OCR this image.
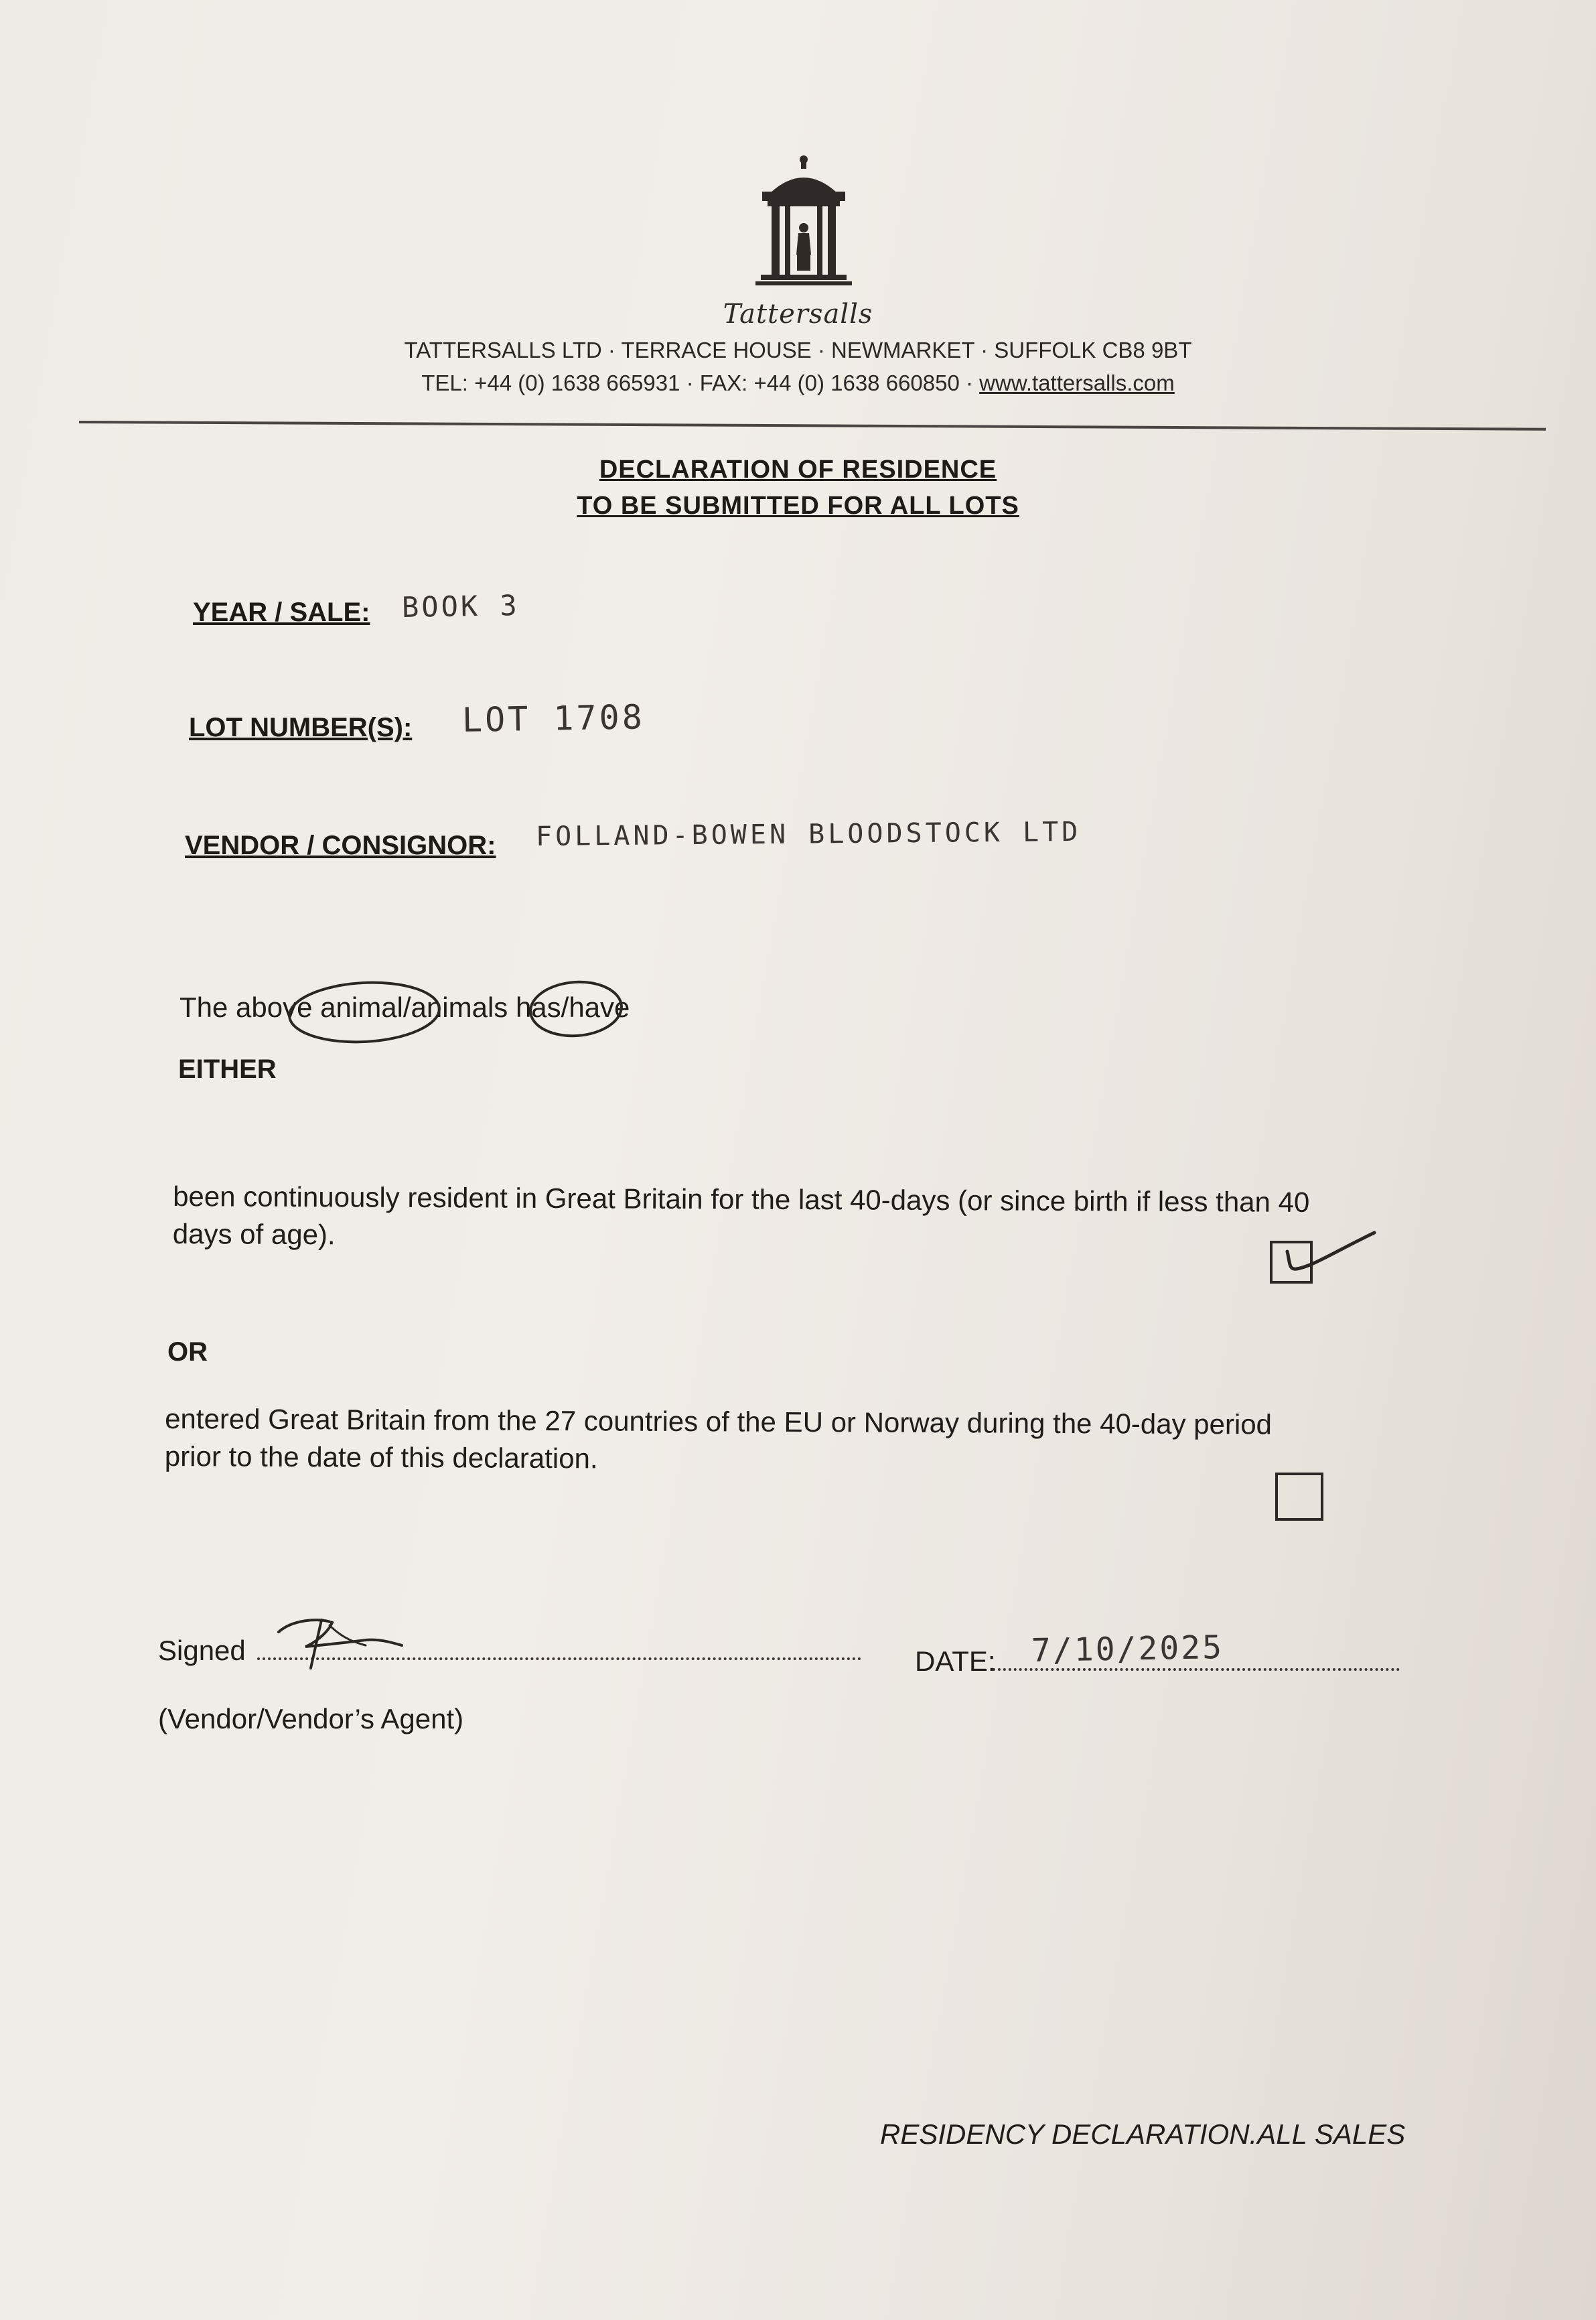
Tattersalls
TATTERSALLS LTD · TERRACE HOUSE · NEWMARKET · SUFFOLK CB8 9BT
TEL: +44 (0) 1638 665931 · FAX: +44 (0) 1638 660850 · www.tattersalls.com
DECLARATION OF RESIDENCE
TO BE SUBMITTED FOR ALL LOTS
YEAR / SALE: BOOK 3
LOT NUMBER(S): LOT 1708
VENDOR / CONSIGNOR: FOLLAND-BOWEN BLOODSTOCK LTD
The above animal/animals has/have
EITHER
been continuously resident in Great Britain for the last 40-days (or since birth if less than 40
days of age).
OR
entered Great Britain from the 27 countries of the EU or Norway during the 40-day period
prior to the date of this declaration.
Signed	DATE: 7/10/2025
(Vendor/Vendor’s Agent)
RESIDENCY DECLARATION.ALL SALES
